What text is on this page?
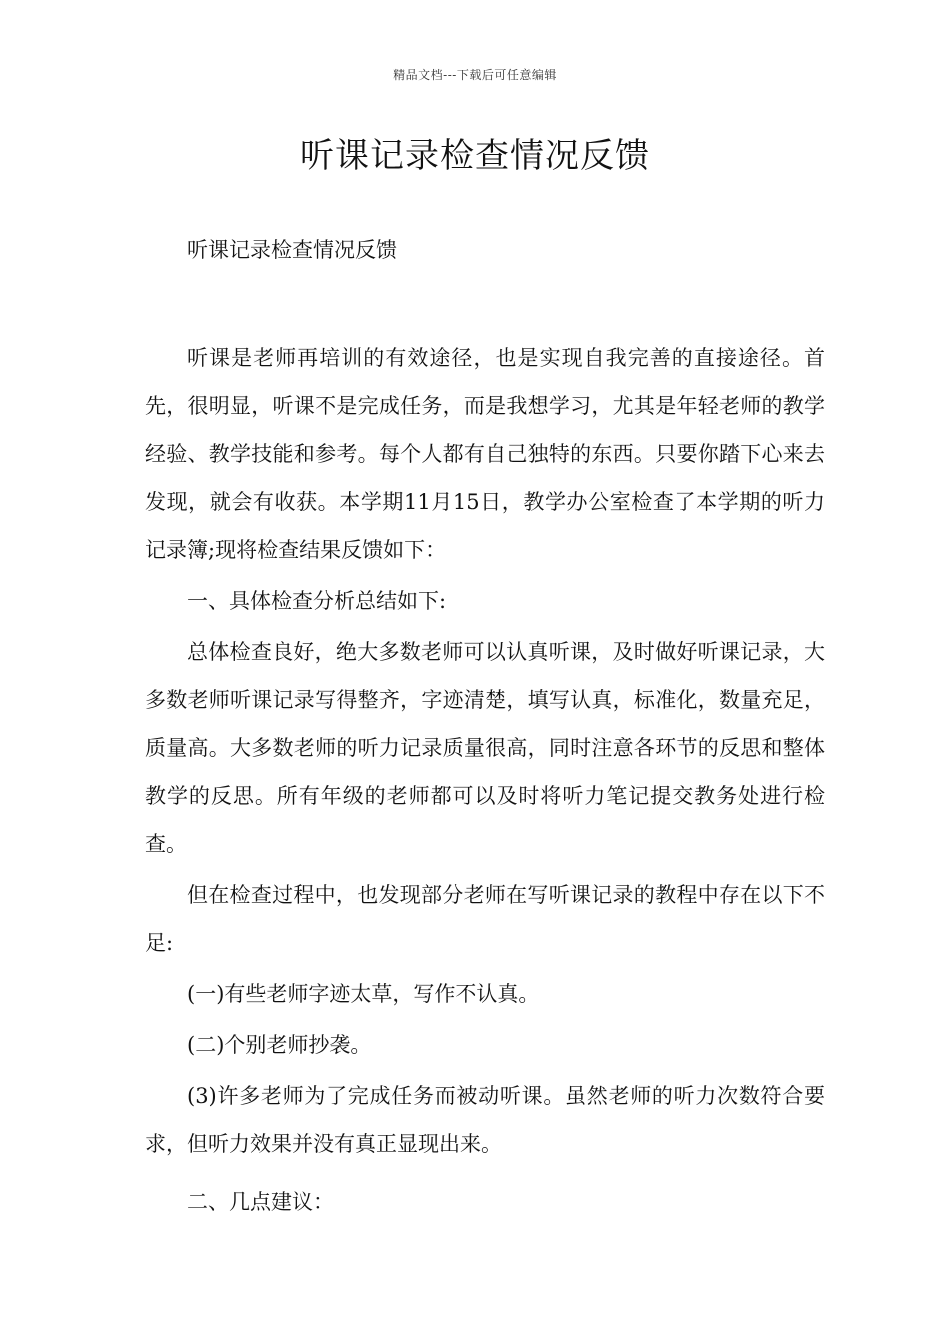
精品文档---下载后可任意编辑
听课记录检查情况反馈

听课记录检查情况反馈

听课是老师再培训的有效途径，也是实现自我完善的直接途径。首先，很明显，听课不是完成任务，而是我想学习，尤其是年轻老师的教学经验、教学技能和参考。每个人都有自己独特的东西。只要你踏下心来去发现，就会有收获。本学期11月15日，教学办公室检查了本学期的听力记录簿;现将检查结果反馈如下：

一、具体检查分析总结如下:

总体检查良好，绝大多数老师可以认真听课，及时做好听课记录，大多数老师听课记录写得整齐，字迹清楚，填写认真，标准化，数量充足，质量高。大多数老师的听力记录质量很高，同时注意各环节的反思和整体教学的反思。所有年级的老师都可以及时将听力笔记提交教务处进行检查。

但在检查过程中，也发现部分老师在写听课记录的教程中存在以下不足:

(一)有些老师字迹太草，写作不认真。

(二)个别老师抄袭。

(3)许多老师为了完成任务而被动听课。虽然老师的听力次数符合要求，但听力效果并没有真正显现出来。

二、几点建议：
